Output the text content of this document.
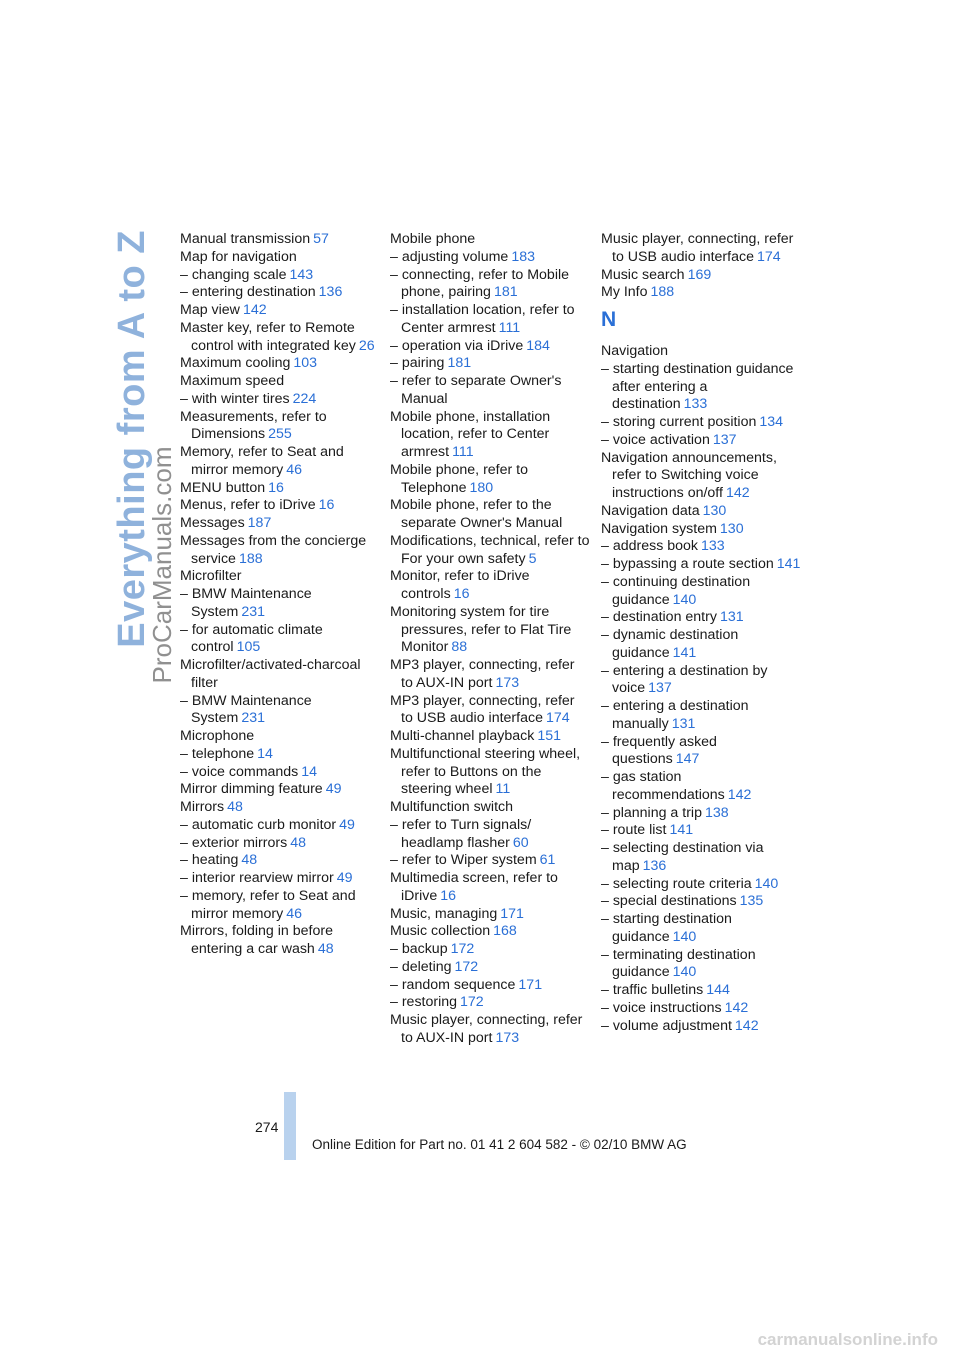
Everything from A to Z
ProCarManuals.com
Manual transmission 57
Map for navigation
– changing scale 143
– entering destination 136
Map view 142
Master key, refer to Remote control with integrated key 26
Maximum cooling 103
Maximum speed
– with winter tires 224
Measurements, refer to Dimensions 255
Memory, refer to Seat and mirror memory 46
MENU button 16
Menus, refer to iDrive 16
Messages 187
Messages from the concierge service 188
Microfilter
– BMW Maintenance System 231
– for automatic climate control 105
Microfilter/activated-charcoal filter
– BMW Maintenance System 231
Microphone
– telephone 14
– voice commands 14
Mirror dimming feature 49
Mirrors 48
– automatic curb monitor 49
– exterior mirrors 48
– heating 48
– interior rearview mirror 49
– memory, refer to Seat and mirror memory 46
Mirrors, folding in before entering a car wash 48
Mobile phone
– adjusting volume 183
– connecting, refer to Mobile phone, pairing 181
– installation location, refer to Center armrest 111
– operation via iDrive 184
– pairing 181
– refer to separate Owner's Manual
Mobile phone, installation location, refer to Center armrest 111
Mobile phone, refer to Telephone 180
Mobile phone, refer to the separate Owner's Manual
Modifications, technical, refer to For your own safety 5
Monitor, refer to iDrive controls 16
Monitoring system for tire pressures, refer to Flat Tire Monitor 88
MP3 player, connecting, refer to AUX-IN port 173
MP3 player, connecting, refer to USB audio interface 174
Multi-channel playback 151
Multifunctional steering wheel, refer to Buttons on the steering wheel 11
Multifunction switch
– refer to Turn signals/ headlamp flasher 60
– refer to Wiper system 61
Multimedia screen, refer to iDrive 16
Music, managing 171
Music collection 168
– backup 172
– deleting 172
– random sequence 171
– restoring 172
Music player, connecting, refer to AUX-IN port 173
Music player, connecting, refer to USB audio interface 174
Music search 169
My Info 188
N
Navigation
– starting destination guidance after entering a destination 133
– storing current position 134
– voice activation 137
Navigation announcements, refer to Switching voice instructions on/off 142
Navigation data 130
Navigation system 130
– address book 133
– bypassing a route section 141
– continuing destination guidance 140
– destination entry 131
– dynamic destination guidance 141
– entering a destination by voice 137
– entering a destination manually 131
– frequently asked questions 147
– gas station recommendations 142
– planning a trip 138
– route list 141
– selecting destination via map 136
– selecting route criteria 140
– special destinations 135
– starting destination guidance 140
– terminating destination guidance 140
– traffic bulletins 144
– voice instructions 142
– volume adjustment 142
274
Online Edition for Part no. 01 41 2 604 582 - © 02/10 BMW AG
carmanualsonline.info
